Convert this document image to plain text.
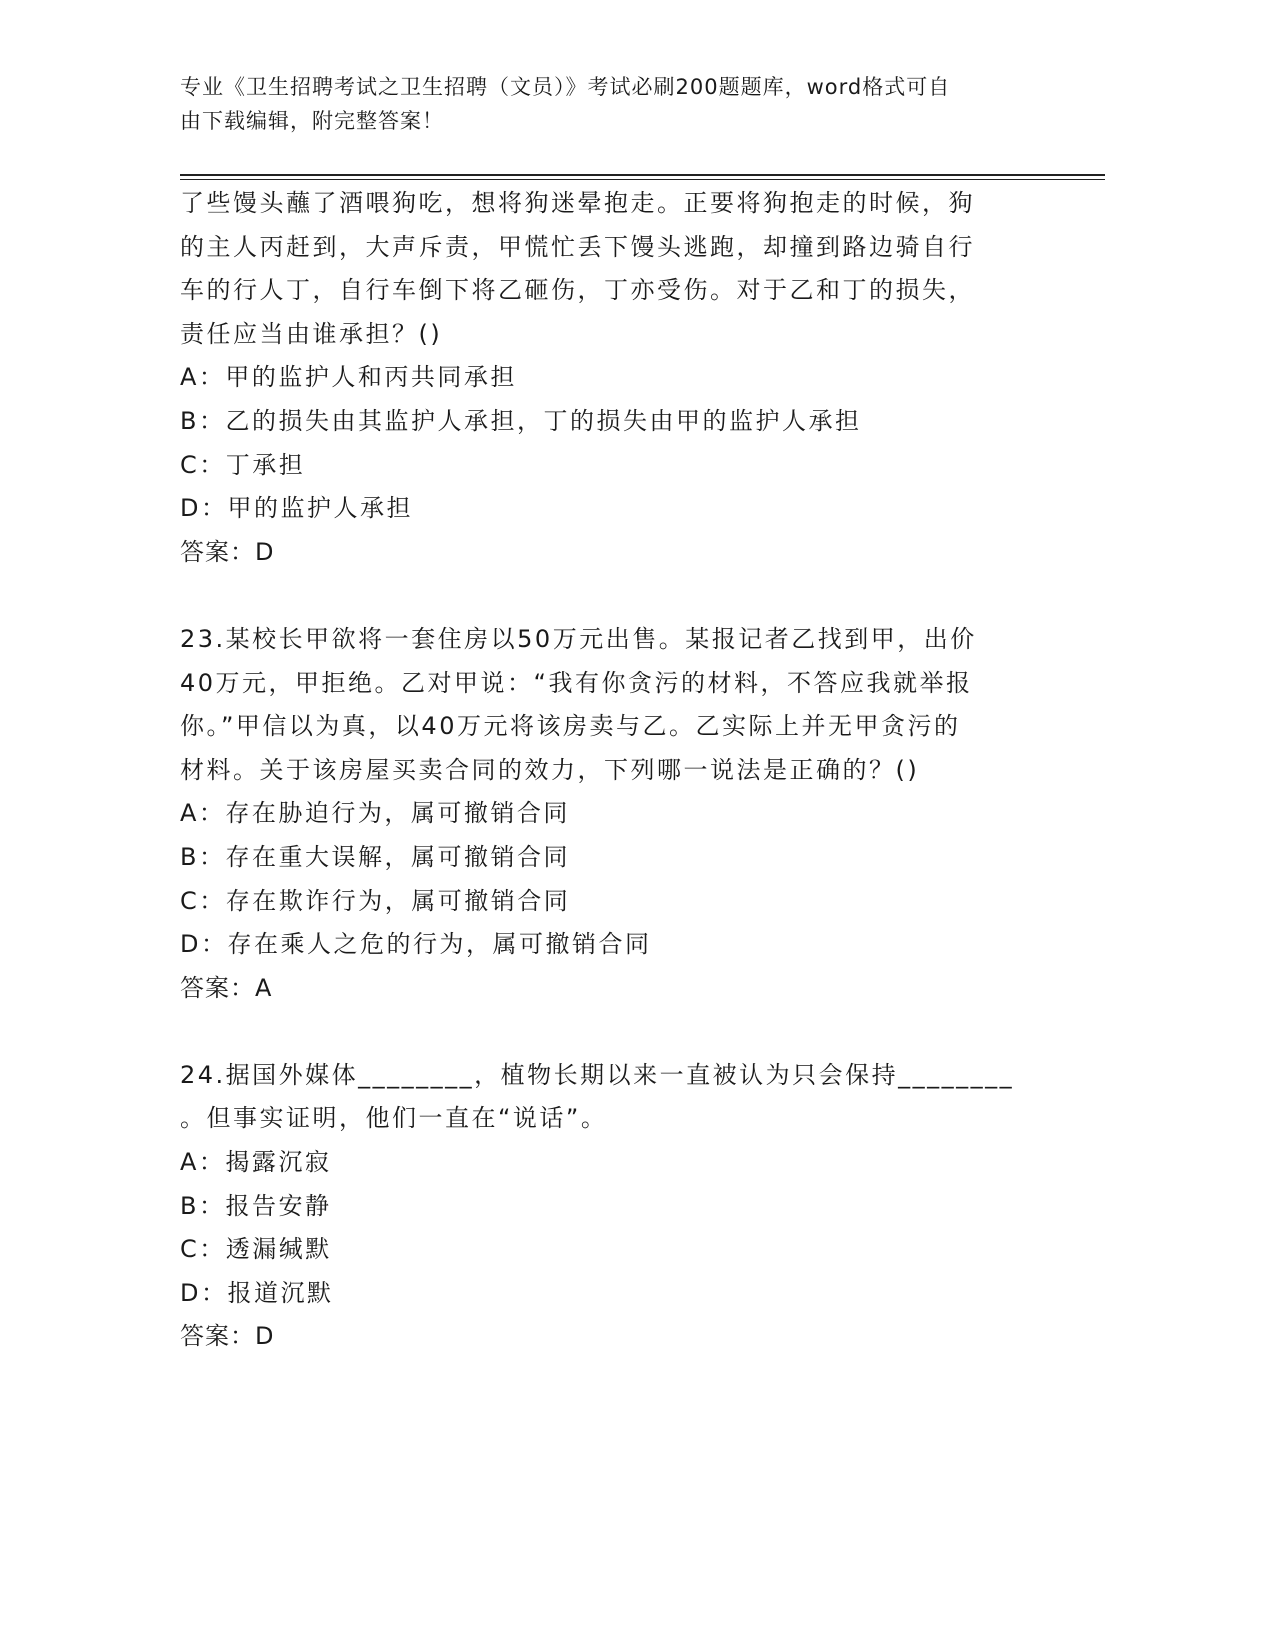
专业《卫生招聘考试之卫生招聘（文员）》考试必刷200题题库，word格式可自
由下载编辑，附完整答案！
了些馒头蘸了酒喂狗吃，想将狗迷晕抱走。正要将狗抱走的时候，狗
的主人丙赶到，大声斥责，甲慌忙丢下馒头逃跑，却撞到路边骑自行
车的行人丁，自行车倒下将乙砸伤，丁亦受伤。对于乙和丁的损失，
责任应当由谁承担？()
A：甲的监护人和丙共同承担
B：乙的损失由其监护人承担，丁的损失由甲的监护人承担
C：丁承担
D：甲的监护人承担
答案：D
23.某校长甲欲将一套住房以50万元出售。某报记者乙找到甲，出价
40万元，甲拒绝。乙对甲说：“我有你贪污的材料，不答应我就举报
你。”甲信以为真，以40万元将该房卖与乙。乙实际上并无甲贪污的
材料。关于该房屋买卖合同的效力，下列哪一说法是正确的？()
A：存在胁迫行为，属可撤销合同
B：存在重大误解，属可撤销合同
C：存在欺诈行为，属可撤销合同
D：存在乘人之危的行为，属可撤销合同
答案：A
24.据国外媒体________，植物长期以来一直被认为只会保持________
。但事实证明，他们一直在“说话”。
A：揭露沉寂
B：报告安静
C：透漏缄默
D：报道沉默
答案：D
